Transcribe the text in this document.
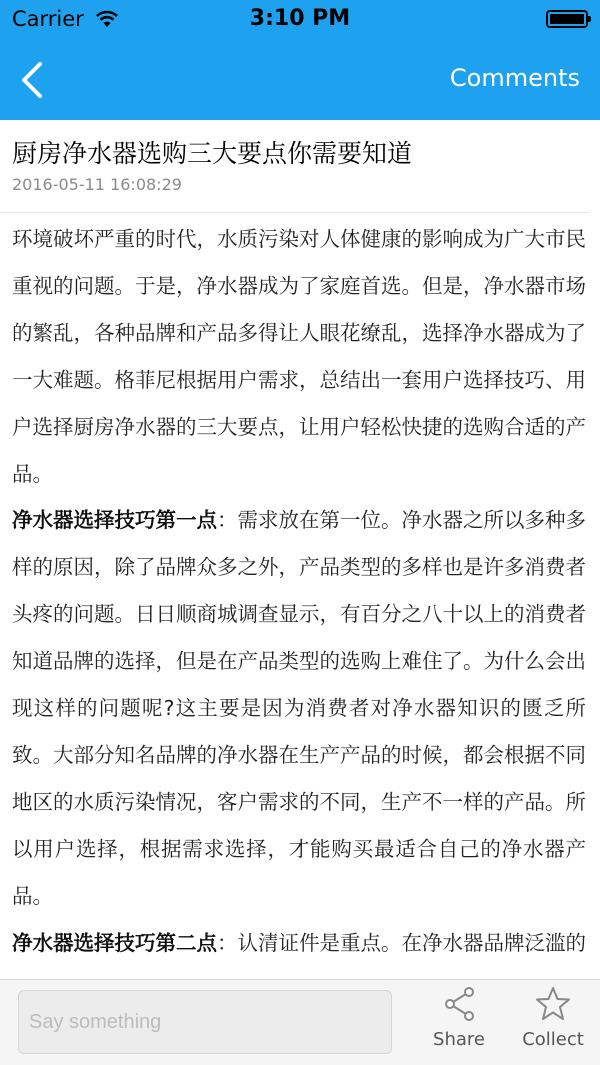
Carrier	3:10 PM
Comments
厨房净水器选购三大要点你需要知道
2016-05-11 16:08:29

环境破坏严重的时代，水质污染对人体健康的影响成为广大市民重视的问题。于是，净水器成为了家庭首选。但是，净水器市场的繁乱，各种品牌和产品多得让人眼花缭乱，选择净水器成为了一大难题。格菲尼根据用户需求，总结出一套用户选择技巧、用户选择厨房净水器的三大要点，让用户轻松快捷的选购合适的产品。

净水器选择技巧第一点：需求放在第一位。净水器之所以多种多样的原因，除了品牌众多之外，产品类型的多样也是许多消费者头疼的问题。日日顺商城调查显示，有百分之八十以上的消费者知道品牌的选择，但是在产品类型的选购上难住了。为什么会出现这样的问题呢?这主要是因为消费者对净水器知识的匮乏所致。大部分知名品牌的净水器在生产产品的时候，都会根据不同地区的水质污染情况，客户需求的不同，生产不一样的产品。所以用户选择，根据需求选择，才能购买最适合自己的净水器产品。

净水器选择技巧第二点：认清证件是重点。在净水器品牌泛滥的

Say something
Share	Collect
